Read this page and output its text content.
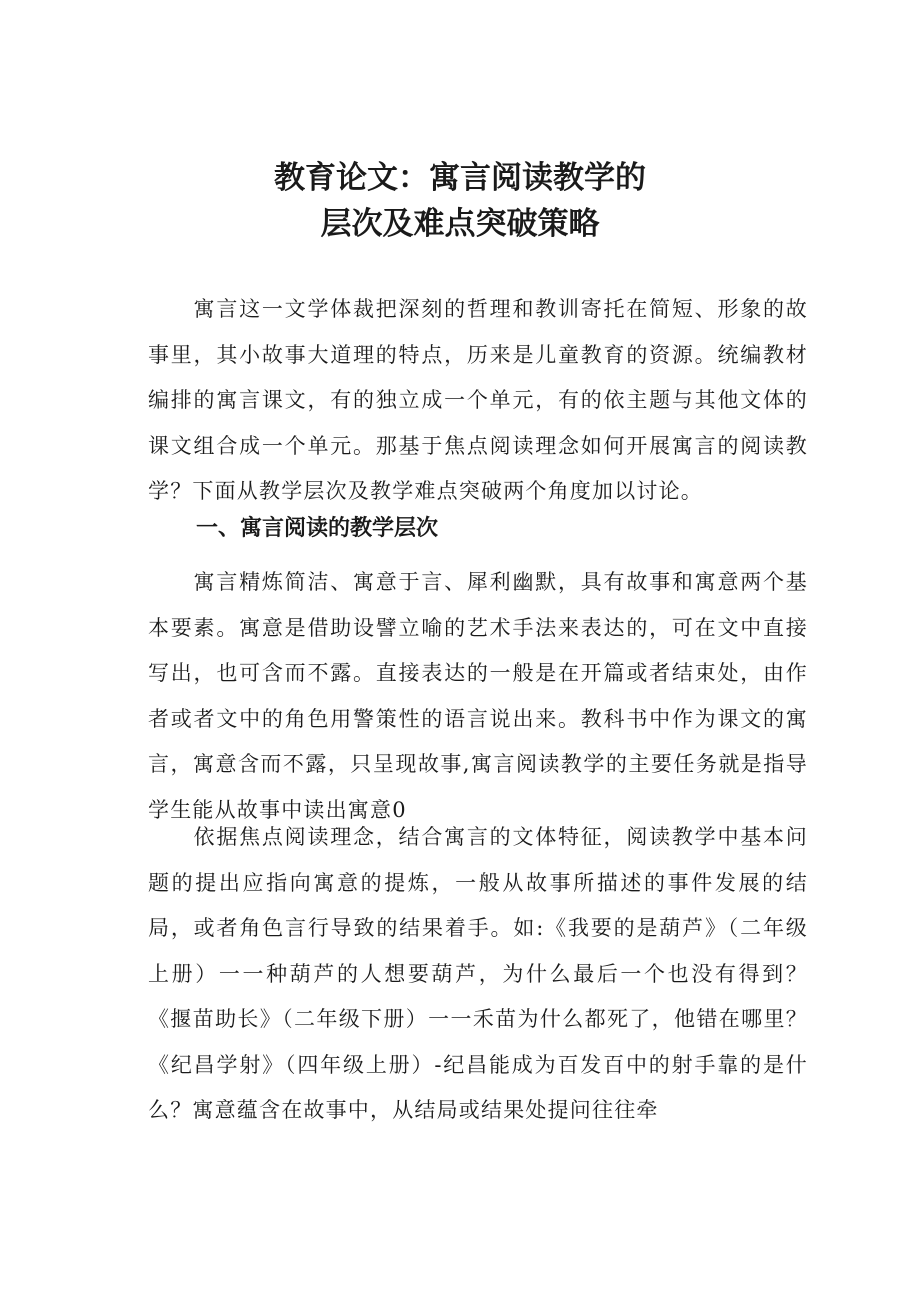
教育论文：寓言阅读教学的
层次及难点突破策略

　　寓言这一文学体裁把深刻的哲理和教训寄托在简短、形象的故事里，其小故事大道理的特点，历来是儿童教育的资源。统编教材编排的寓言课文，有的独立成一个单元，有的依主题与其他文体的课文组合成一个单元。那基于焦点阅读理念如何开展寓言的阅读教学？下面从教学层次及教学难点突破两个角度加以讨论。

一、寓言阅读的教学层次

　　寓言精炼简洁、寓意于言、犀利幽默，具有故事和寓意两个基本要素。寓意是借助设譬立喻的艺术手法来表达的，可在文中直接写出，也可含而不露。直接表达的一般是在开篇或者结束处，由作者或者文中的角色用警策性的语言说出来。教科书中作为课文的寓言，寓意含而不露，只呈现故事,寓言阅读教学的主要任务就是指导学生能从故事中读出寓意0

　　依据焦点阅读理念，结合寓言的文体特征，阅读教学中基本问题的提出应指向寓意的提炼，一般从故事所描述的事件发展的结局，或者角色言行导致的结果着手。如:《我要的是葫芦》（二年级上册）一一种葫芦的人想要葫芦，为什么最后一个也没有得到？《揠苗助长》（二年级下册）一一禾苗为什么都死了，他错在哪里？《纪昌学射》（四年级上册）-纪昌能成为百发百中的射手靠的是什么？寓意蕴含在故事中，从结局或结果处提问往往牵
